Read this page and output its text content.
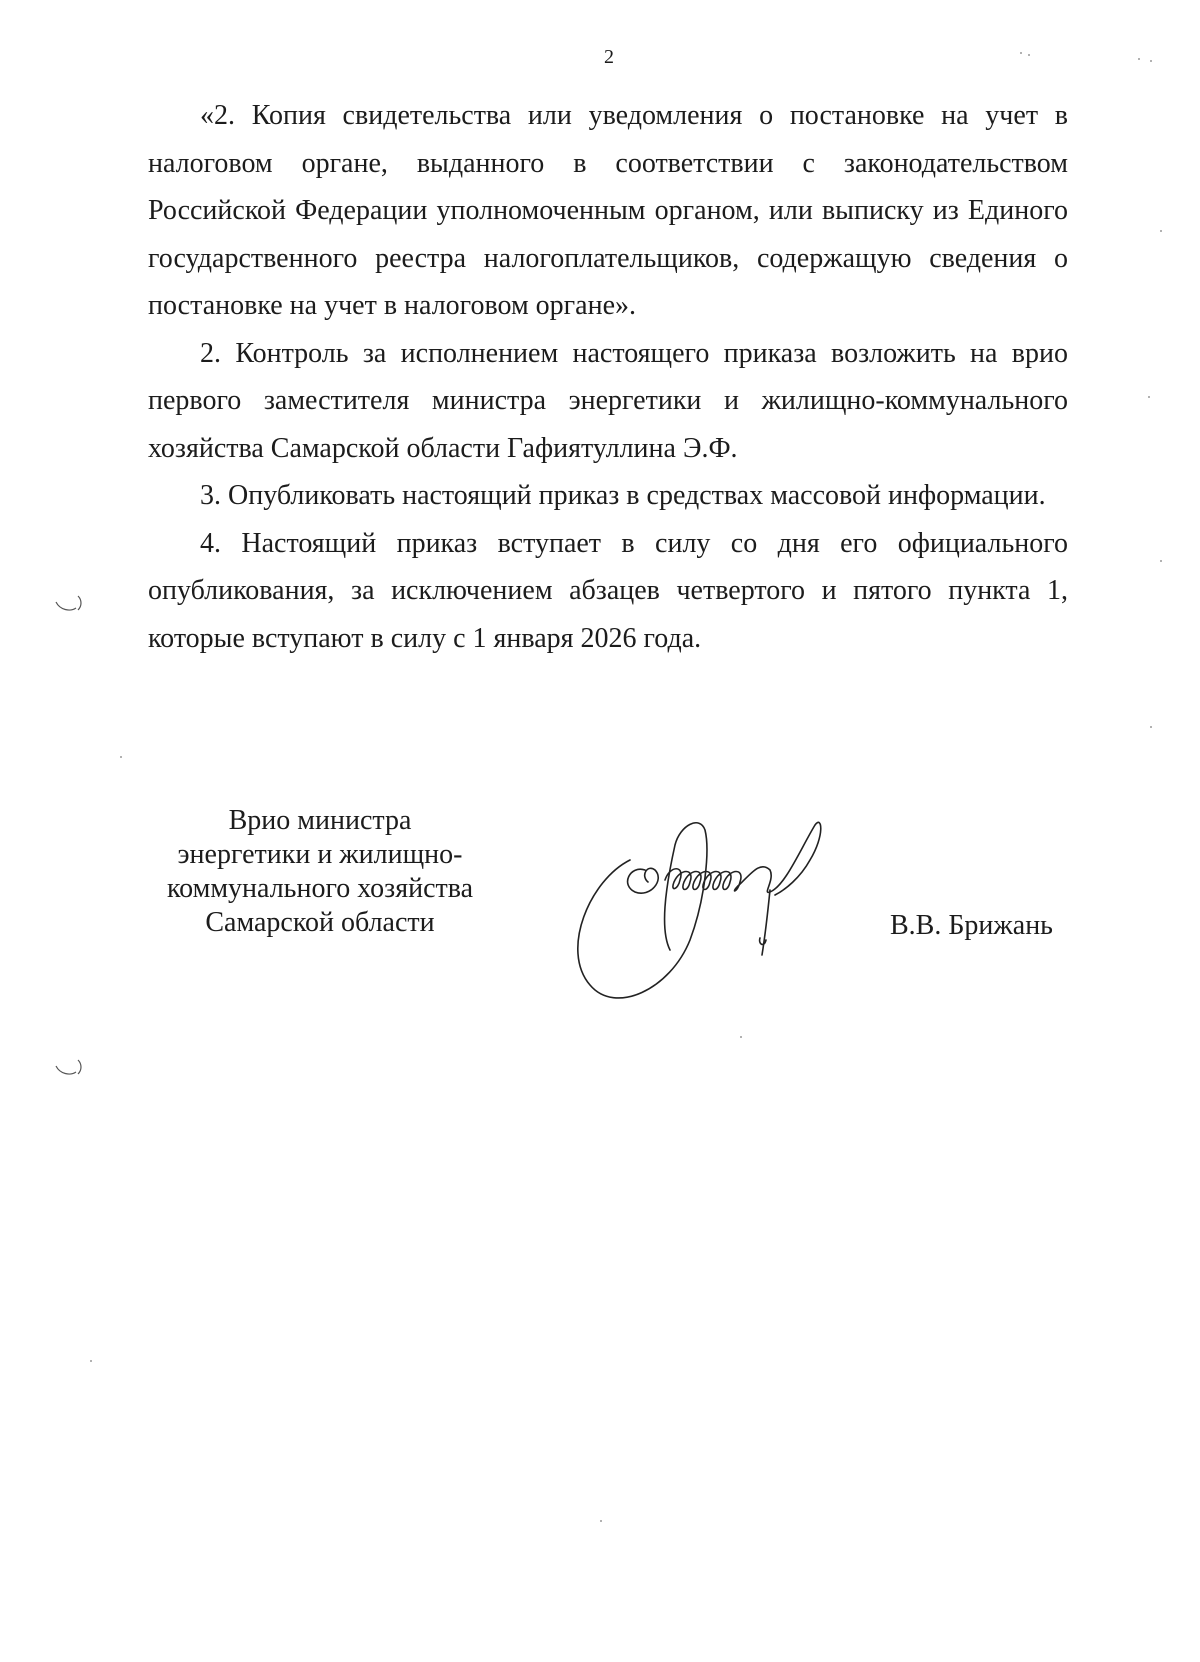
2

«2. Копия свидетельства или уведомления о постановке на учет в налоговом органе, выданного в соответствии с законодательством Российской Федерации уполномоченным органом, или выписку из Единого государственного реестра налогоплательщиков, содержащую сведения о постановке на учет в налоговом органе».

2. Контроль за исполнением настоящего приказа возложить на врио первого заместителя министра энергетики и жилищно-коммунального хозяйства Самарской области Гафиятуллина Э.Ф.

3. Опубликовать настоящий приказ в средствах массовой информации.

4. Настоящий приказ вступает в силу со дня его официального опубликования, за исключением абзацев четвертого и пятого пункта 1, которые вступают в силу с 1 января 2026 года.

Врио министра
энергетики и жилищно-
коммунального хозяйства
Самарской области	В.В. Брижань
